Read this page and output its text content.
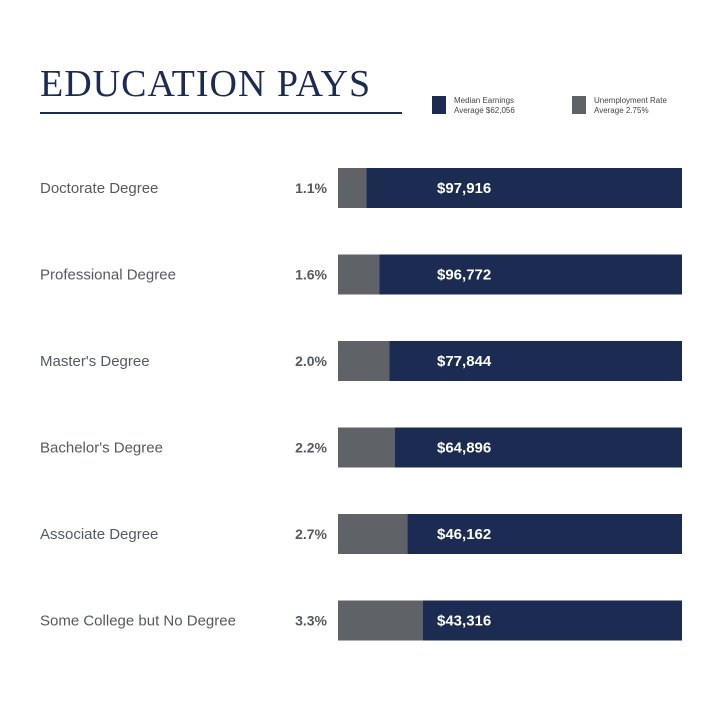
EDUCATION PAYS	Median Earnings
Average $62,056
Unemployment Rate
Average 2.75%
Doctorate Degree	1.1%	$97,916
Professional Degree	1.6%	$96,772
Master's Degree	2.0%	$77,844
Bachelor's Degree	2.2%	$64,896
Associate Degree	2.7%	$46,162
Some College but No Degree	3.3%	$43,316
